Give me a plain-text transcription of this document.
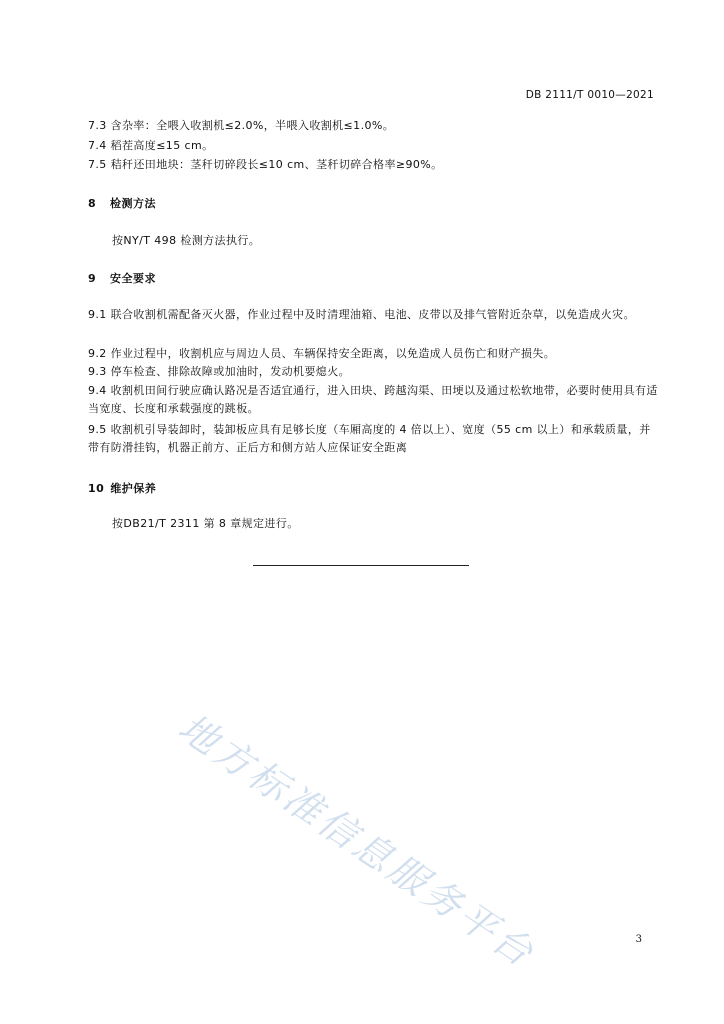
DB 2111/T 0010—2021
7.3 含杂率：全喂入收割机≤2.0%，半喂入收割机≤1.0%。
7.4 稻茬高度≤15 cm。
7.5 秸秆还田地块：茎秆切碎段长≤10 cm、茎秆切碎合格率≥90%。
8 检测方法
按NY/T 498 检测方法执行。
9 安全要求
9.1 联合收割机需配备灭火器，作业过程中及时清理油箱、电池、皮带以及排气管附近杂草，以免造成火灾。
9.2 作业过程中，收割机应与周边人员、车辆保持安全距离，以免造成人员伤亡和财产损失。
9.3 停车检查、排除故障或加油时，发动机要熄火。
9.4 收割机田间行驶应确认路况是否适宜通行，进入田块、跨越沟渠、田埂以及通过松软地带，必要时使用具有适当宽度、长度和承载强度的跳板。
9.5 收割机引导装卸时，装卸板应具有足够长度（车厢高度的 4 倍以上）、宽度（55 cm 以上）和承载质量，并带有防滑挂钩，机器正前方、正后方和侧方站人应保证安全距离
10 维护保养
按DB21/T 2311 第 8 章规定进行。
地方标准信息服务平台	3
